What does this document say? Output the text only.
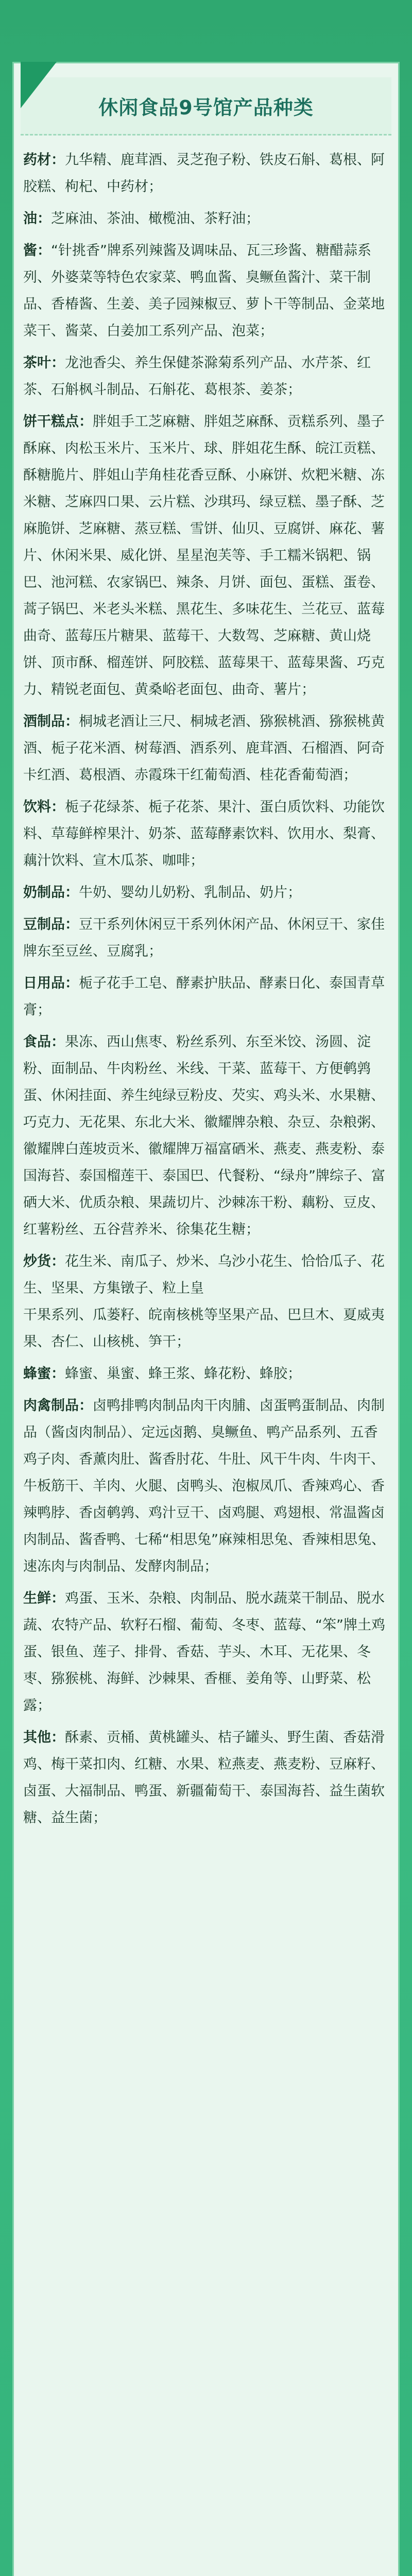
休闲食品9号馆产品种类
药材：九华精、鹿茸酒、灵芝孢子粉、铁皮石斛、葛根、阿胶糕、枸杞、中药材；
油：芝麻油、茶油、橄榄油、茶籽油；
酱：“针挑香”牌系列辣酱及调味品、瓦三珍酱、糖醋蒜系列、外婆菜等特色农家菜、鸭血酱、臭鳜鱼酱汁、菜干制品、香椿酱、生姜、美子园辣椒豆、萝卜干等制品、金菜地菜干、酱菜、白姜加工系列产品、泡菜；
茶叶：龙池香尖、养生保健茶滁菊系列产品、水芹茶、红茶、石斛枫斗制品、石斛花、葛根茶、姜茶；
饼干糕点：胖姐手工芝麻糖、胖姐芝麻酥、贡糕系列、墨子酥麻、肉松玉米片、玉米片、球、胖姐花生酥、皖江贡糕、酥糖脆片、胖姐山芋角桂花香豆酥、小麻饼、炊粑米糖、冻米糖、芝麻四口果、云片糕、沙琪玛、绿豆糕、墨子酥、芝麻脆饼、芝麻糖、蒸豆糕、雪饼、仙贝、豆腐饼、麻花、薯片、休闲米果、威化饼、星星泡芙等、手工糯米锅粑、锅巴、池河糕、农家锅巴、辣条、月饼、面包、蛋糕、蛋卷、蒿子锅巴、米老头米糕、黑花生、多味花生、兰花豆、蓝莓曲奇、蓝莓压片糖果、蓝莓干、大数驾、芝麻糖、黄山烧饼、顶市酥、榴莲饼、阿胶糕、蓝莓果干、蓝莓果酱、巧克力、精锐老面包、黄桑峪老面包、曲奇、薯片；
酒制品：桐城老酒让三尺、桐城老酒、猕猴桃酒、猕猴桃黄酒、栀子花米酒、树莓酒、酒系列、鹿茸酒、石榴酒、阿奇卡红酒、葛根酒、赤霞珠干红葡萄酒、桂花香葡萄酒；
饮料：栀子花绿茶、栀子花茶、果汁、蛋白质饮料、功能饮料、草莓鲜榨果汁、奶茶、蓝莓酵素饮料、饮用水、梨膏、藕汁饮料、宣木瓜茶、咖啡；
奶制品：牛奶、婴幼儿奶粉、乳制品、奶片；
豆制品：豆干系列休闲豆干系列休闲产品、休闲豆干、家佳牌东至豆丝、豆腐乳；
日用品：栀子花手工皂、酵素护肤品、酵素日化、泰国青草膏；
食品：果冻、西山焦枣、粉丝系列、东至米饺、汤圆、淀粉、面制品、牛肉粉丝、米线、干菜、蓝莓干、方便鹌鹑蛋、休闲挂面、养生纯绿豆粉皮、芡实、鸡头米、水果糖、巧克力、无花果、东北大米、徽耀牌杂粮、杂豆、杂粮粥、徽耀牌白莲坡贡米、徽耀牌万福富硒米、燕麦、燕麦粉、泰国海苔、泰国榴莲干、泰国巴、代餐粉、“绿舟”牌综子、富硒大米、优质杂粮、果蔬切片、沙棘冻干粉、藕粉、豆皮、红薯粉丝、五谷营养米、徐集花生糖；
炒货：花生米、南瓜子、炒米、乌沙小花生、恰恰瓜子、花生、坚果、方集镦子、粒上皇
干果系列、瓜蒌籽、皖南核桃等坚果产品、巴旦木、夏威夷果、杏仁、山核桃、笋干；
蜂蜜：蜂蜜、巢蜜、蜂王浆、蜂花粉、蜂胶；
肉禽制品：卤鸭排鸭肉制品肉干肉脯、卤蛋鸭蛋制品、肉制品（酱卤肉制品）、定远卤鹅、臭鳜鱼、鸭产品系列、五香鸡子肉、香薰肉肚、酱香肘花、牛肚、风干牛肉、牛肉干、牛板筋干、羊肉、火腿、卤鸭头、泡椒凤爪、香辣鸡心、香辣鸭脖、香卤鹌鹑、鸡汁豆干、卤鸡腿、鸡翅根、常温酱卤肉制品、酱香鸭、七稀“相思兔”麻辣相思兔、香辣相思兔、速冻肉与肉制品、发酵肉制品；
生鲜：鸡蛋、玉米、杂粮、肉制品、脱水蔬菜干制品、脱水蔬、农特产品、软籽石榴、葡萄、冬枣、蓝莓、“笨”牌土鸡蛋、银鱼、莲子、排骨、香菇、芋头、木耳、无花果、冬枣、猕猴桃、海鲜、沙棘果、香榧、姜角等、山野菜、松露；
其他：酥素、贡桶、黄桃罐头、桔子罐头、野生菌、香菇滑鸡、梅干菜扣肉、红糖、水果、粒燕麦、燕麦粉、豆麻籽、卤蛋、大福制品、鸭蛋、新疆葡萄干、泰国海苔、益生菌软糖、益生菌；
